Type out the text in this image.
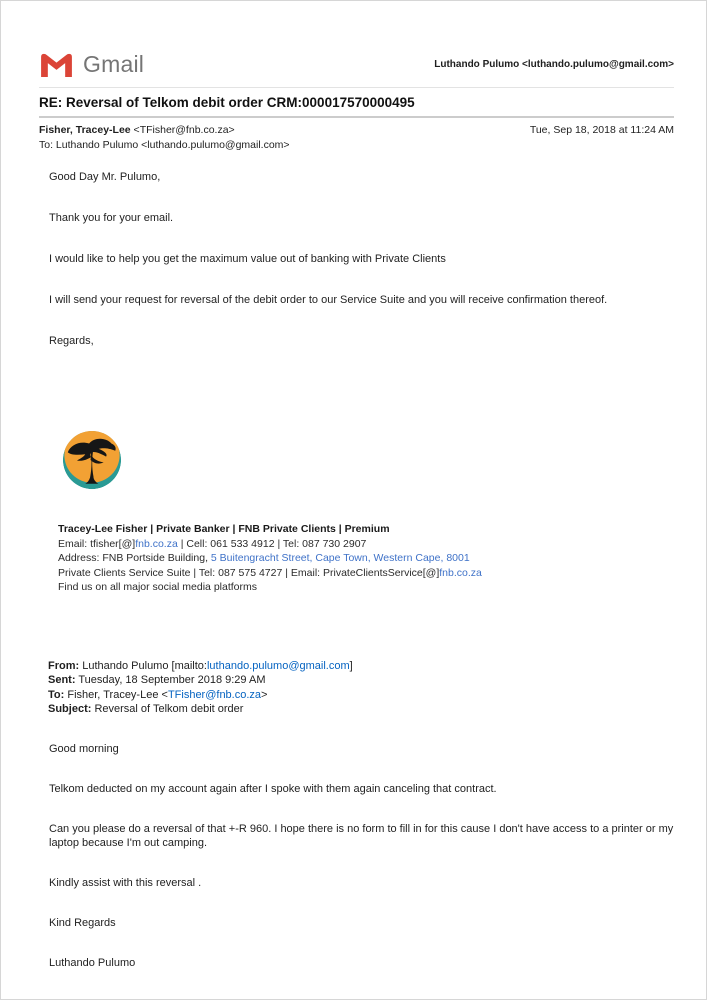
Gmail	Luthando Pulumo <luthando.pulumo@gmail.com>
RE: Reversal of Telkom debit order CRM:000017570000495
Fisher, Tracey-Lee <TFisher@fnb.co.za>
To: Luthando Pulumo <luthando.pulumo@gmail.com>
Tue, Sep 18, 2018 at 11:24 AM

Good Day Mr. Pulumo,

Thank you for your email.

I would like to help you get the maximum value out of banking with Private Clients

I will send your request for reversal of the debit order to our Service Suite and you will receive confirmation thereof.

Regards,

Tracey-Lee Fisher | Private Banker | FNB Private Clients | Premium
Email: tfisher[@]fnb.co.za | Cell: 061 533 4912 | Tel: 087 730 2907
Address: FNB Portside Building, 5 Buitengracht Street, Cape Town, Western Cape, 8001
Private Clients Service Suite | Tel: 087 575 4727 | Email: PrivateClientsService[@]fnb.co.za
Find us on all major social media platforms
From: Luthando Pulumo [mailto:luthando.pulumo@gmail.com]
Sent: Tuesday, 18 September 2018 9:29 AM
To: Fisher, Tracey-Lee <TFisher@fnb.co.za>
Subject: Reversal of Telkom debit order

Good morning

Telkom deducted on my account again after I spoke with them again canceling that contract.

Can you please do a reversal of that +-R 960. I hope there is no form to fill in for this cause I don't have access to a printer or my laptop because I'm out camping.

Kindly assist with this reversal .

Kind Regards

Luthando Pulumo
